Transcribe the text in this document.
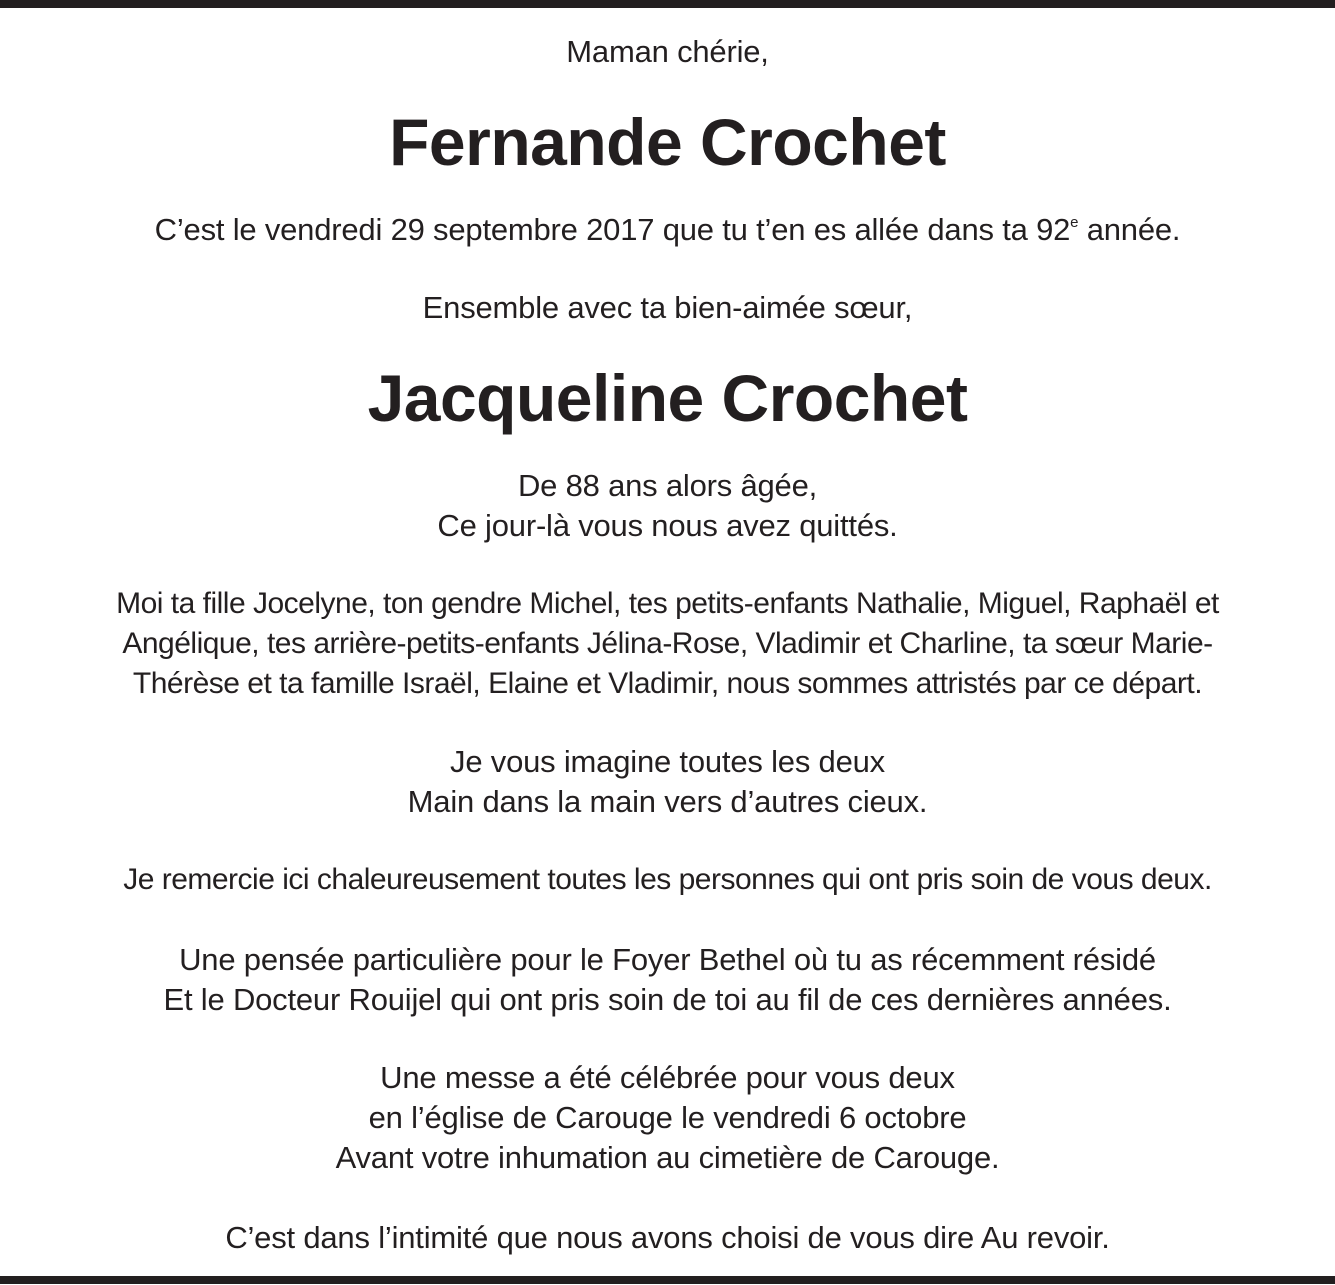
Maman chérie,
Fernande Crochet
C’est le vendredi 29 septembre 2017 que tu t’en es allée dans ta 92e année.
Ensemble avec ta bien-aimée sœur,
Jacqueline Crochet
De 88 ans alors âgée,
Ce jour-là vous nous avez quittés.
Moi ta fille Jocelyne, ton gendre Michel, tes petits-enfants Nathalie, Miguel, Raphaël et
Angélique, tes arrière-petits-enfants Jélina-Rose, Vladimir et Charline, ta sœur Marie-
Thérèse et ta famille Israël, Elaine et Vladimir, nous sommes attristés par ce départ.
Je vous imagine toutes les deux
Main dans la main vers d’autres cieux.
Je remercie ici chaleureusement toutes les personnes qui ont pris soin de vous deux.
Une pensée particulière pour le Foyer Bethel où tu as récemment résidé
Et le Docteur Rouijel qui ont pris soin de toi au fil de ces dernières années.
Une messe a été célébrée pour vous deux
en l’église de Carouge le vendredi 6 octobre
Avant votre inhumation au cimetière de Carouge.
C’est dans l’intimité que nous avons choisi de vous dire Au revoir.
